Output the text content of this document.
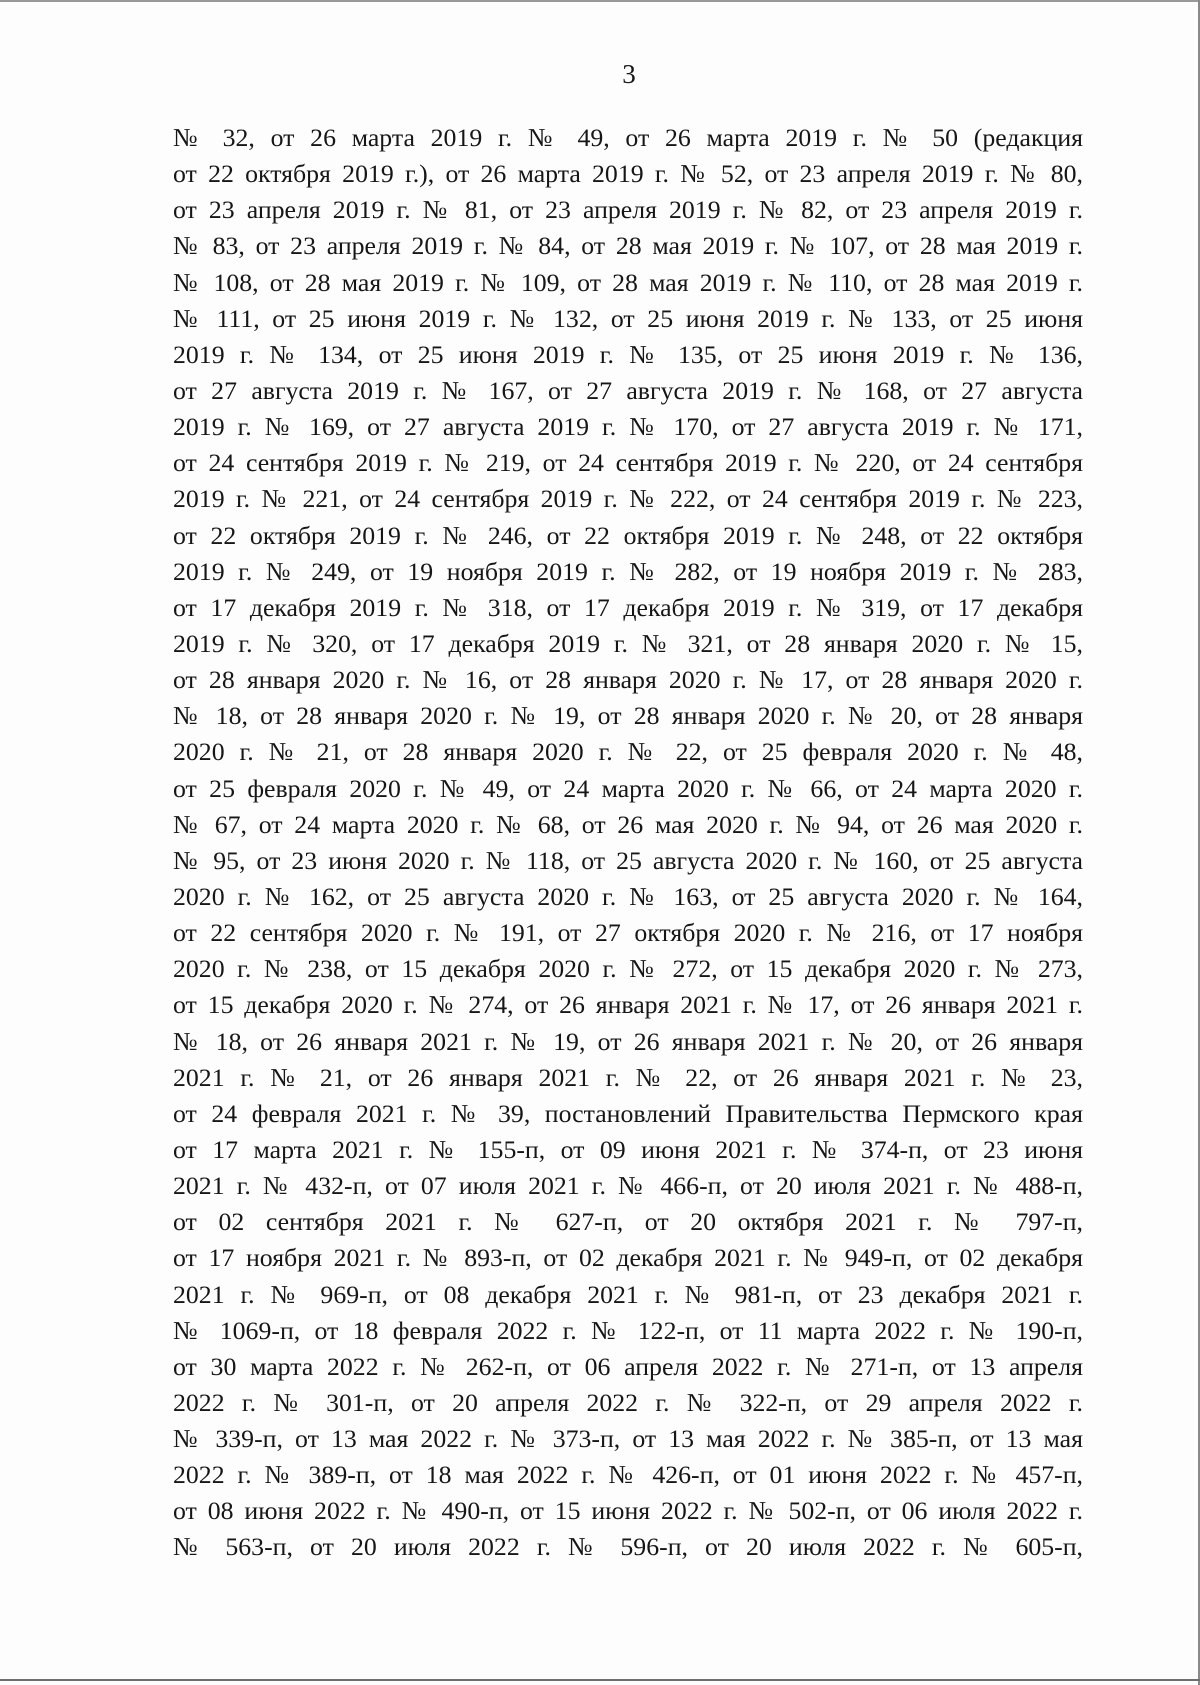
3
№ 32, от 26 марта 2019 г. № 49, от 26 марта 2019 г. № 50 (редакция
от 22 октября 2019 г.), от 26 марта 2019 г. № 52, от 23 апреля 2019 г. № 80,
от 23 апреля 2019 г. № 81, от 23 апреля 2019 г. № 82, от 23 апреля 2019 г.
№ 83, от 23 апреля 2019 г. № 84, от 28 мая 2019 г. № 107, от 28 мая 2019 г.
№ 108, от 28 мая 2019 г. № 109, от 28 мая 2019 г. № 110, от 28 мая 2019 г.
№ 111, от 25 июня 2019 г. № 132, от 25 июня 2019 г. № 133, от 25 июня
2019 г. № 134, от 25 июня 2019 г. № 135, от 25 июня 2019 г. № 136,
от 27 августа 2019 г. № 167, от 27 августа 2019 г. № 168, от 27 августа
2019 г. № 169, от 27 августа 2019 г. № 170, от 27 августа 2019 г. № 171,
от 24 сентября 2019 г. № 219, от 24 сентября 2019 г. № 220, от 24 сентября
2019 г. № 221, от 24 сентября 2019 г. № 222, от 24 сентября 2019 г. № 223,
от 22 октября 2019 г. № 246, от 22 октября 2019 г. № 248, от 22 октября
2019 г. № 249, от 19 ноября 2019 г. № 282, от 19 ноября 2019 г. № 283,
от 17 декабря 2019 г. № 318, от 17 декабря 2019 г. № 319, от 17 декабря
2019 г. № 320, от 17 декабря 2019 г. № 321, от 28 января 2020 г. № 15,
от 28 января 2020 г. № 16, от 28 января 2020 г. № 17, от 28 января 2020 г.
№ 18, от 28 января 2020 г. № 19, от 28 января 2020 г. № 20, от 28 января
2020 г. № 21, от 28 января 2020 г. № 22, от 25 февраля 2020 г. № 48,
от 25 февраля 2020 г. № 49, от 24 марта 2020 г. № 66, от 24 марта 2020 г.
№ 67, от 24 марта 2020 г. № 68, от 26 мая 2020 г. № 94, от 26 мая 2020 г.
№ 95, от 23 июня 2020 г. № 118, от 25 августа 2020 г. № 160, от 25 августа
2020 г. № 162, от 25 августа 2020 г. № 163, от 25 августа 2020 г. № 164,
от 22 сентября 2020 г. № 191, от 27 октября 2020 г. № 216, от 17 ноября
2020 г. № 238, от 15 декабря 2020 г. № 272, от 15 декабря 2020 г. № 273,
от 15 декабря 2020 г. № 274, от 26 января 2021 г. № 17, от 26 января 2021 г.
№ 18, от 26 января 2021 г. № 19, от 26 января 2021 г. № 20, от 26 января
2021 г. № 21, от 26 января 2021 г. № 22, от 26 января 2021 г. № 23,
от 24 февраля 2021 г. № 39, постановлений Правительства Пермского края
от 17 марта 2021 г. № 155-п, от 09 июня 2021 г. № 374-п, от 23 июня
2021 г. № 432-п, от 07 июля 2021 г. № 466-п, от 20 июля 2021 г. № 488-п,
от 02 сентября 2021 г. № 627-п, от 20 октября 2021 г. № 797-п,
от 17 ноября 2021 г. № 893-п, от 02 декабря 2021 г. № 949-п, от 02 декабря
2021 г. № 969-п, от 08 декабря 2021 г. № 981-п, от 23 декабря 2021 г.
№ 1069-п, от 18 февраля 2022 г. № 122-п, от 11 марта 2022 г. № 190-п,
от 30 марта 2022 г. № 262-п, от 06 апреля 2022 г. № 271-п, от 13 апреля
2022 г. № 301-п, от 20 апреля 2022 г. № 322-п, от 29 апреля 2022 г.
№ 339-п, от 13 мая 2022 г. № 373-п, от 13 мая 2022 г. № 385-п, от 13 мая
2022 г. № 389-п, от 18 мая 2022 г. № 426-п, от 01 июня 2022 г. № 457-п,
от 08 июня 2022 г. № 490-п, от 15 июня 2022 г. № 502-п, от 06 июля 2022 г.
№ 563-п, от 20 июля 2022 г. № 596-п, от 20 июля 2022 г. № 605-п,
